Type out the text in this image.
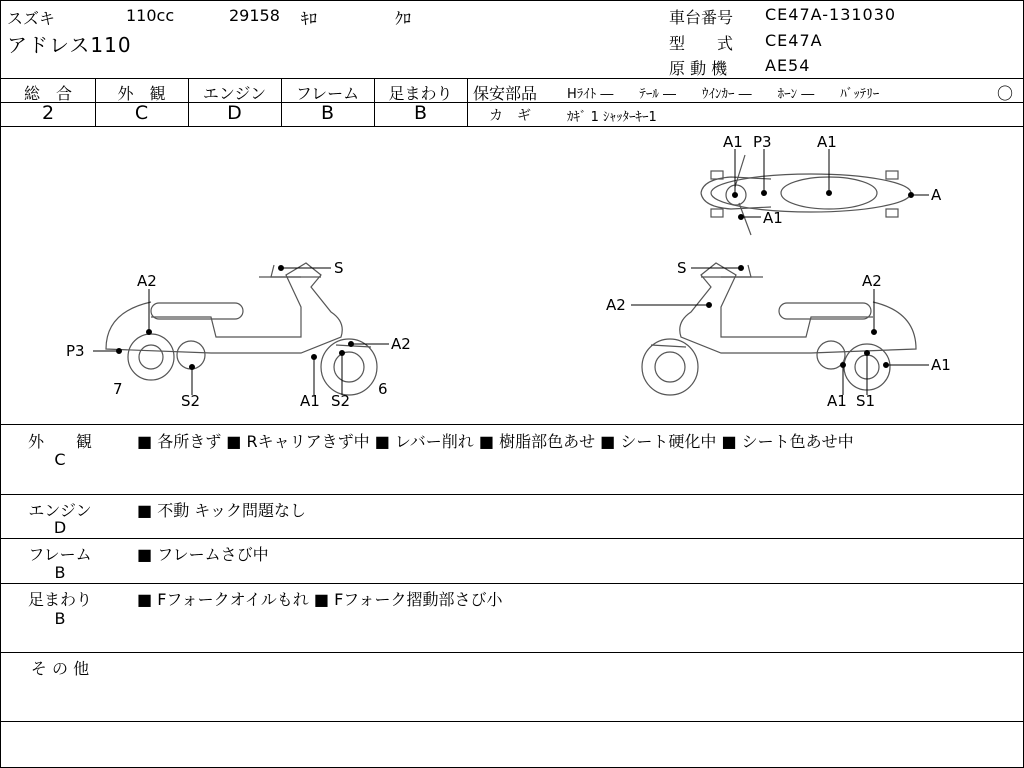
スズキ	110cc	29158 ｷﾛ	ｸﾛ
アドレス110
車台番号 CE47A-131030
型　　式 CE47A
原 動 機 AE54
総　合
2
外　観
C
エンジン
D
フレーム
B
足まわり
B
保安部品 Hﾗｲﾄ ―　　ﾃｰﾙ ―　　ｳｲﾝｶｰ ―　　ﾎｰﾝ ―　　ﾊﾞｯﾃﾘｰ	〇
カ　ギ	ｶｷﾞ 1 ｼｬｯﾀｰｷｰ1
A1 P3	A1
A
A1
S
A2
P3
7
S2	A1 S2
A2
6
S
A2
A2
A1
A1 S1
外　　観
C
■ 各所きず ■ Rキャリアきず中 ■ レバー削れ ■ 樹脂部色あせ ■ シート硬化中 ■ シート色あせ中
エンジン
D
■ 不動 キック問題なし
フレーム
B
■ フレームさび中
足まわり
B
■ Fフォークオイルもれ ■ Fフォーク摺動部さび小
そ の 他
